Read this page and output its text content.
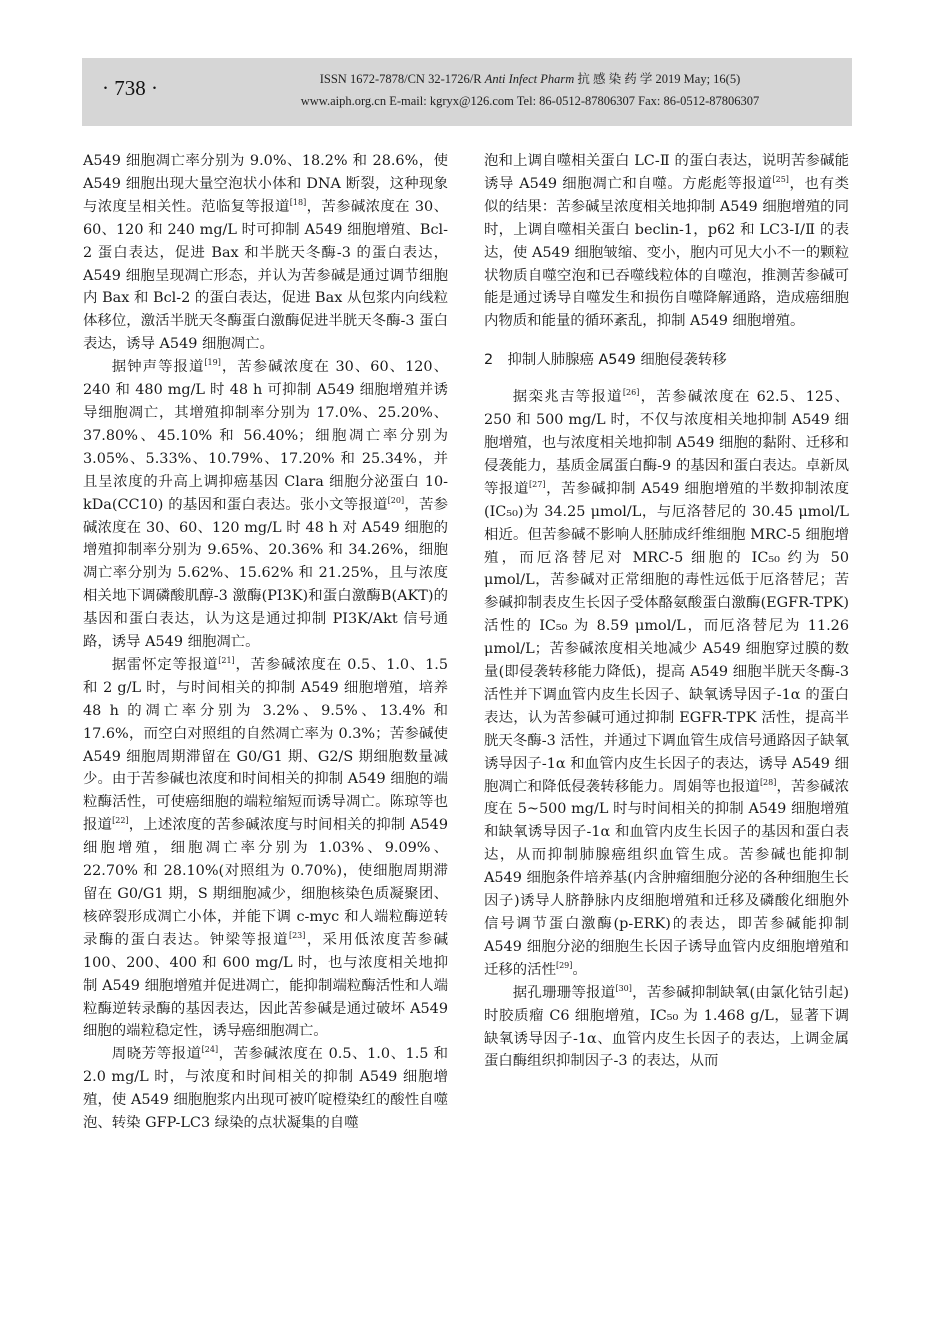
· 738 ·	ISSN 1672-7878/CN 32-1726/R Anti Infect Pharm 抗 感 染 药 学 2019 May; 16(5)
www.aiph.org.cn E-mail: kgryx@126.com Tel: 86-0512-87806307 Fax: 86-0512-87806307

A549 细胞凋亡率分别为 9.0%、18.2% 和 28.6%，使 A549 细胞出现大量空泡状小体和 DNA 断裂，这种现象与浓度呈相关性。范临复等报道[18]，苦参碱浓度在 30、60、120 和 240 mg/L 时可抑制 A549 细胞增殖、Bcl-2 蛋白表达，促进 Bax 和半胱天冬酶-3 的蛋白表达，A549 细胞呈现凋亡形态，并认为苦参碱是通过调节细胞内 Bax 和 Bcl-2 的蛋白表达，促进 Bax 从包浆内向线粒体移位，激活半胱天冬酶蛋白激酶促进半胱天冬酶-3 蛋白表达，诱导 A549 细胞凋亡。

据钟声等报道[19]，苦参碱浓度在 30、60、120、240 和 480 mg/L 时 48 h 可抑制 A549 细胞增殖并诱导细胞凋亡，其增殖抑制率分别为 17.0%、25.20%、37.80%、45.10% 和 56.40%；细胞凋亡率分别为 3.05%、5.33%、10.79%、17.20% 和 25.34%，并且呈浓度的升高上调抑癌基因 Clara 细胞分泌蛋白 10-kDa(CC10) 的基因和蛋白表达。张小文等报道[20]，苦参碱浓度在 30、60、120 mg/L 时 48 h 对 A549 细胞的增殖抑制率分别为 9.65%、20.36% 和 34.26%，细胞凋亡率分别为 5.62%、15.62% 和 21.25%，且与浓度相关地下调磷酸肌醇-3 激酶(PI3K)和蛋白激酶B(AKT)的基因和蛋白表达，认为这是通过抑制 PI3K/Akt 信号通路，诱导 A549 细胞凋亡。

据雷怀定等报道[21]，苦参碱浓度在 0.5、1.0、1.5 和 2 g/L 时，与时间相关的抑制 A549 细胞增殖，培养 48 h 的凋亡率分别为 3.2%、9.5%、13.4% 和 17.6%，而空白对照组的自然凋亡率为 0.3%；苦参碱使 A549 细胞周期滞留在 G0/G1 期、G2/S 期细胞数量减少。由于苦参碱也浓度和时间相关的抑制 A549 细胞的端粒酶活性，可使癌细胞的端粒缩短而诱导凋亡。陈琼等也报道[22]，上述浓度的苦参碱浓度与时间相关的抑制 A549 细胞增殖，细胞凋亡率分别为 1.03%、9.09%、22.70% 和 28.10%(对照组为 0.70%)，使细胞周期滞留在 G0/G1 期，S 期细胞减少，细胞核染色质凝聚团、核碎裂形成凋亡小体，并能下调 c-myc 和人端粒酶逆转录酶的蛋白表达。钟梁等报道[23]，采用低浓度苦参碱 100、200、400 和 600 mg/L 时，也与浓度相关地抑制 A549 细胞增殖并促进凋亡，能抑制端粒酶活性和人端粒酶逆转录酶的基因表达，因此苦参碱是通过破坏 A549 细胞的端粒稳定性，诱导癌细胞凋亡。

周晓芳等报道[24]，苦参碱浓度在 0.5、1.0、1.5 和 2.0 mg/L 时，与浓度和时间相关的抑制 A549 细胞增殖，使 A549 细胞胞浆内出现可被吖啶橙染红的酸性自噬泡、转染 GFP-LC3 绿染的点状凝集的自噬

泡和上调自噬相关蛋白 LC-Ⅱ 的蛋白表达，说明苦参碱能诱导 A549 细胞凋亡和自噬。方彪彪等报道[25]，也有类似的结果：苦参碱呈浓度相关地抑制 A549 细胞增殖的同时，上调自噬相关蛋白 beclin-1，p62 和 LC3-Ⅰ/Ⅱ 的表达，使 A549 细胞皱缩、变小，胞内可见大小不一的颗粒状物质自噬空泡和已吞噬线粒体的自噬泡，推测苦参碱可能是通过诱导自噬发生和损伤自噬降解通路，造成癌细胞内物质和能量的循环紊乱，抑制 A549 细胞增殖。

2　抑制人肺腺癌 A549 细胞侵袭转移

据栾兆吉等报道[26]，苦参碱浓度在 62.5、125、250 和 500 mg/L 时，不仅与浓度相关地抑制 A549 细胞增殖，也与浓度相关地抑制 A549 细胞的黏附、迁移和侵袭能力，基质金属蛋白酶-9 的基因和蛋白表达。卓新凤等报道[27]，苦参碱抑制 A549 细胞增殖的半数抑制浓度(IC₅₀)为 34.25 μmol/L，与厄洛替尼的 30.45 μmol/L 相近。但苦参碱不影响人胚肺成纤维细胞 MRC-5 细胞增殖，而厄洛替尼对 MRC-5 细胞的 IC₅₀ 约为 50 μmol/L，苦参碱对正常细胞的毒性远低于厄洛替尼；苦参碱抑制表皮生长因子受体酪氨酸蛋白激酶(EGFR-TPK)活性的 IC₅₀ 为 8.59 μmol/L，而厄洛替尼为 11.26 μmol/L；苦参碱浓度相关地减少 A549 细胞穿过膜的数量(即侵袭转移能力降低)，提高 A549 细胞半胱天冬酶-3 活性并下调血管内皮生长因子、缺氧诱导因子-1α 的蛋白表达，认为苦参碱可通过抑制 EGFR-TPK 活性，提高半胱天冬酶-3 活性，并通过下调血管生成信号通路因子缺氧诱导因子-1α 和血管内皮生长因子的表达，诱导 A549 细胞凋亡和降低侵袭转移能力。周娟等也报道[28]，苦参碱浓度在 5~500 mg/L 时与时间相关的抑制 A549 细胞增殖和缺氧诱导因子-1α 和血管内皮生长因子的基因和蛋白表达，从而抑制肺腺癌组织血管生成。苦参碱也能抑制 A549 细胞条件培养基(内含肿瘤细胞分泌的各种细胞生长因子)诱导人脐静脉内皮细胞增殖和迁移及磷酸化细胞外信号调节蛋白激酶(p-ERK)的表达，即苦参碱能抑制 A549 细胞分泌的细胞生长因子诱导血管内皮细胞增殖和迁移的活性[29]。

据孔珊珊等报道[30]，苦参碱抑制缺氧(由氯化钴引起)时胶质瘤 C6 细胞增殖，IC₅₀ 为 1.468 g/L，显著下调缺氧诱导因子-1α、血管内皮生长因子的表达，上调金属蛋白酶组织抑制因子-3 的表达，从而
